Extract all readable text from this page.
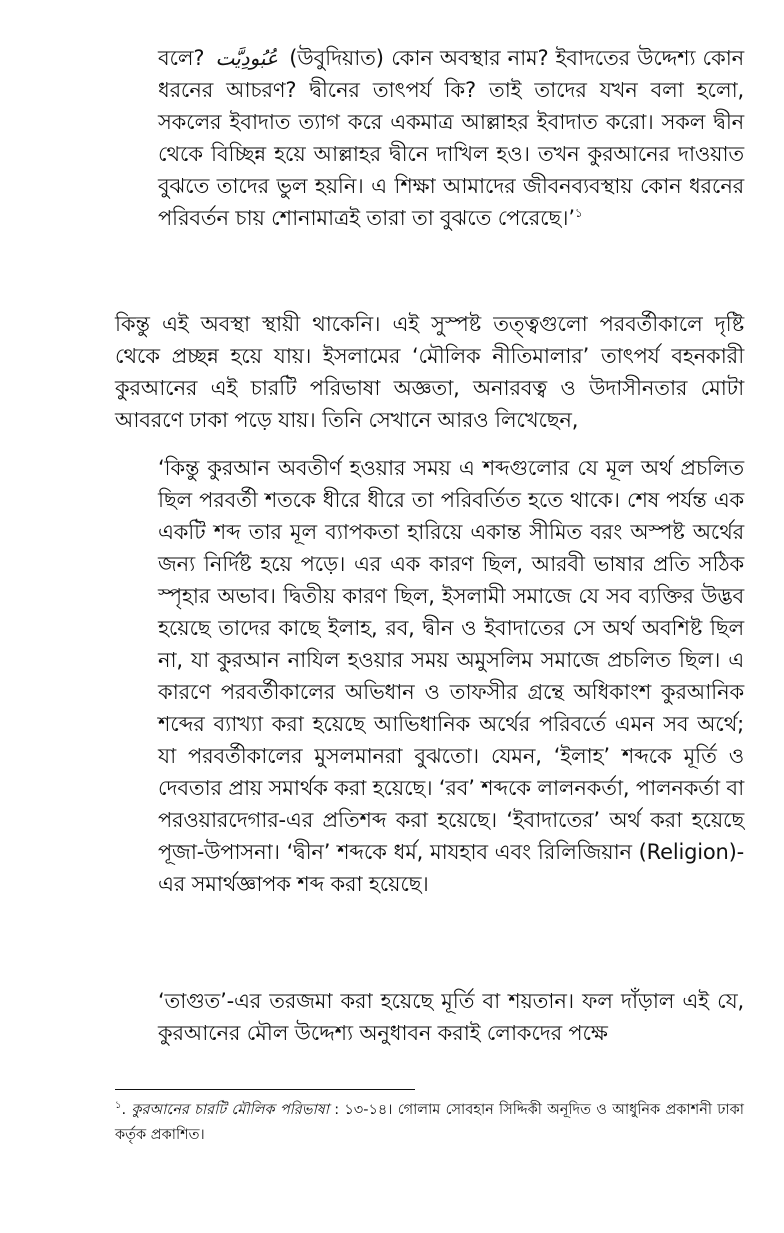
বলে? عُبُودِيَّت (উবুদিয়াত) কোন অবস্থার নাম? ইবাদতের উদ্দেশ্য কোন ধরনের আচরণ? দ্বীনের তাৎপর্য কি? তাই তাদের যখন বলা হলো, সকলের ইবাদাত ত্যাগ করে একমাত্র আল্লাহর ইবাদাত করো। সকল দ্বীন থেকে বিচ্ছিন্ন হয়ে আল্লাহর দ্বীনে দাখিল হও। তখন কুরআনের দাওয়াত বুঝতে তাদের ভুল হয়নি। এ শিক্ষা আমাদের জীবনব্যবস্থায় কোন ধরনের পরিবর্তন চায় শোনামাত্রই তারা তা বুঝতে পেরেছে।’$^১$

কিন্তু এই অবস্থা স্থায়ী থাকেনি। এই সুস্পষ্ট তত্ত্বগুলো পরবর্তীকালে দৃষ্টি থেকে প্রচ্ছন্ন হয়ে যায়। ইসলামের ‘মৌলিক নীতিমালার’ তাৎপর্য বহনকারী কুরআনের এই চারটি পরিভাষা অজ্ঞতা, অনারবত্ব ও উদাসীনতার মোটা আবরণে ঢাকা পড়ে যায়। তিনি সেখানে আরও লিখেছেন,

‘কিন্তু কুরআন অবতীর্ণ হওয়ার সময় এ শব্দগুলোর যে মূল অর্থ প্রচলিত ছিল পরবর্তী শতকে ধীরে ধীরে তা পরিবর্তিত হতে থাকে। শেষ পর্যন্ত এক একটি শব্দ তার মূল ব্যাপকতা হারিয়ে একান্ত সীমিত বরং অস্পষ্ট অর্থের জন্য নির্দিষ্ট হয়ে পড়ে। এর এক কারণ ছিল, আরবী ভাষার প্রতি সঠিক স্পৃহার অভাব। দ্বিতীয় কারণ ছিল, ইসলামী সমাজে যে সব ব্যক্তির উদ্ভব হয়েছে তাদের কাছে ইলাহ, রব, দ্বীন ও ইবাদাতের সে অর্থ অবশিষ্ট ছিল না, যা কুরআন নাযিল হওয়ার সময় অমুসলিম সমাজে প্রচলিত ছিল। এ কারণে পরবর্তীকালের অভিধান ও তাফসীর গ্রন্থে অধিকাংশ কুরআনিক শব্দের ব্যাখ্যা করা হয়েছে আভিধানিক অর্থের পরিবর্তে এমন সব অর্থে; যা পরবর্তীকালের মুসলমানরা বুঝতো। যেমন, ‘ইলাহ’ শব্দকে মূর্তি ও দেবতার প্রায় সমার্থক করা হয়েছে। ‘রব’ শব্দকে লালনকর্তা, পালনকর্তা বা পরওয়ারদেগার-এর প্রতিশব্দ করা হয়েছে। ‘ইবাদাতের’ অর্থ করা হয়েছে পূজা-উপাসনা। ‘দ্বীন’ শব্দকে ধর্ম, মাযহাব এবং রিলিজিয়ান (Religion)-এর সমার্থজ্ঞাপক শব্দ করা হয়েছে।

‘তাগুত’-এর তরজমা করা হয়েছে মূর্তি বা শয়তান। ফল দাঁড়াল এই যে, কুরআনের মৌল উদ্দেশ্য অনুধাবন করাই লোকদের পক্ষে

$^১$. কুরআনের চারটি মৌলিক পরিভাষা : ১৩-১৪। গোলাম সোবহান সিদ্দিকী অনূদিত ও আধুনিক প্রকাশনী ঢাকা কর্তৃক প্রকাশিত।
